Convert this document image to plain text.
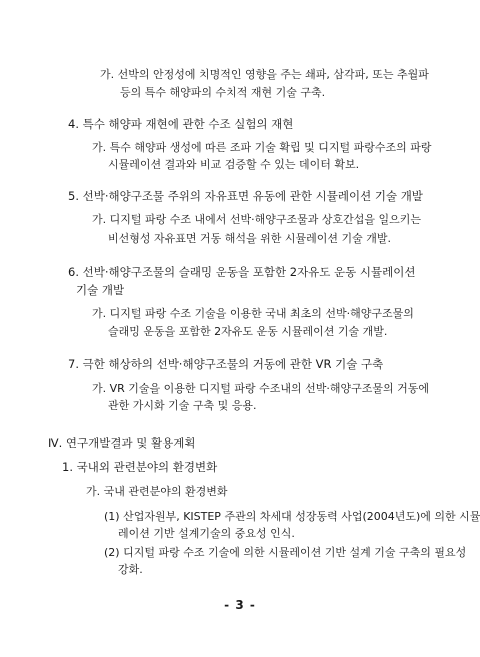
가. 선박의 안정성에 치명적인 영향을 주는 쇄파, 삼각파, 또는 추월파
등의 특수 해양파의 수치적 재현 기술 구축.
4. 특수 해양파 재현에 관한 수조 실험의 재현
가. 특수 해양파 생성에 따른 조파 기술 확립 및 디지털 파랑수조의 파랑
시뮬레이션 결과와 비교 검증할 수 있는 데이터 확보.
5. 선박·해양구조물 주위의 자유표면 유동에 관한 시뮬레이션 기술 개발
가. 디지털 파랑 수조 내에서 선박·해양구조물과 상호간섭을 일으키는
비선형성 자유표면 거동 해석을 위한 시뮬레이션 기술 개발.
6. 선박·해양구조물의 슬래밍 운동을 포함한 2자유도 운동 시뮬레이션
기술 개발
가. 디지털 파랑 수조 기술을 이용한 국내 최초의 선박·해양구조물의
슬래밍 운동을 포함한 2자유도 운동 시뮬레이션 기술 개발.
7. 극한 해상하의 선박·해양구조물의 거동에 관한 VR 기술 구축
가. VR 기술을 이용한 디지털 파랑 수조내의 선박·해양구조물의 거동에
관한 가시화 기술 구축 및 응용.
Ⅳ. 연구개발결과 및 활용계획
1. 국내외 관련분야의 환경변화
가. 국내 관련분야의 환경변화
(1) 산업자원부, KISTEP 주관의 차세대 성장동력 사업(2004년도)에 의한 시뮬
레이션 기반 설계기술의 중요성 인식.
(2) 디지털 파랑 수조 기술에 의한 시뮬레이션 기반 설계 기술 구축의 필요성
강화.
- 3 -
